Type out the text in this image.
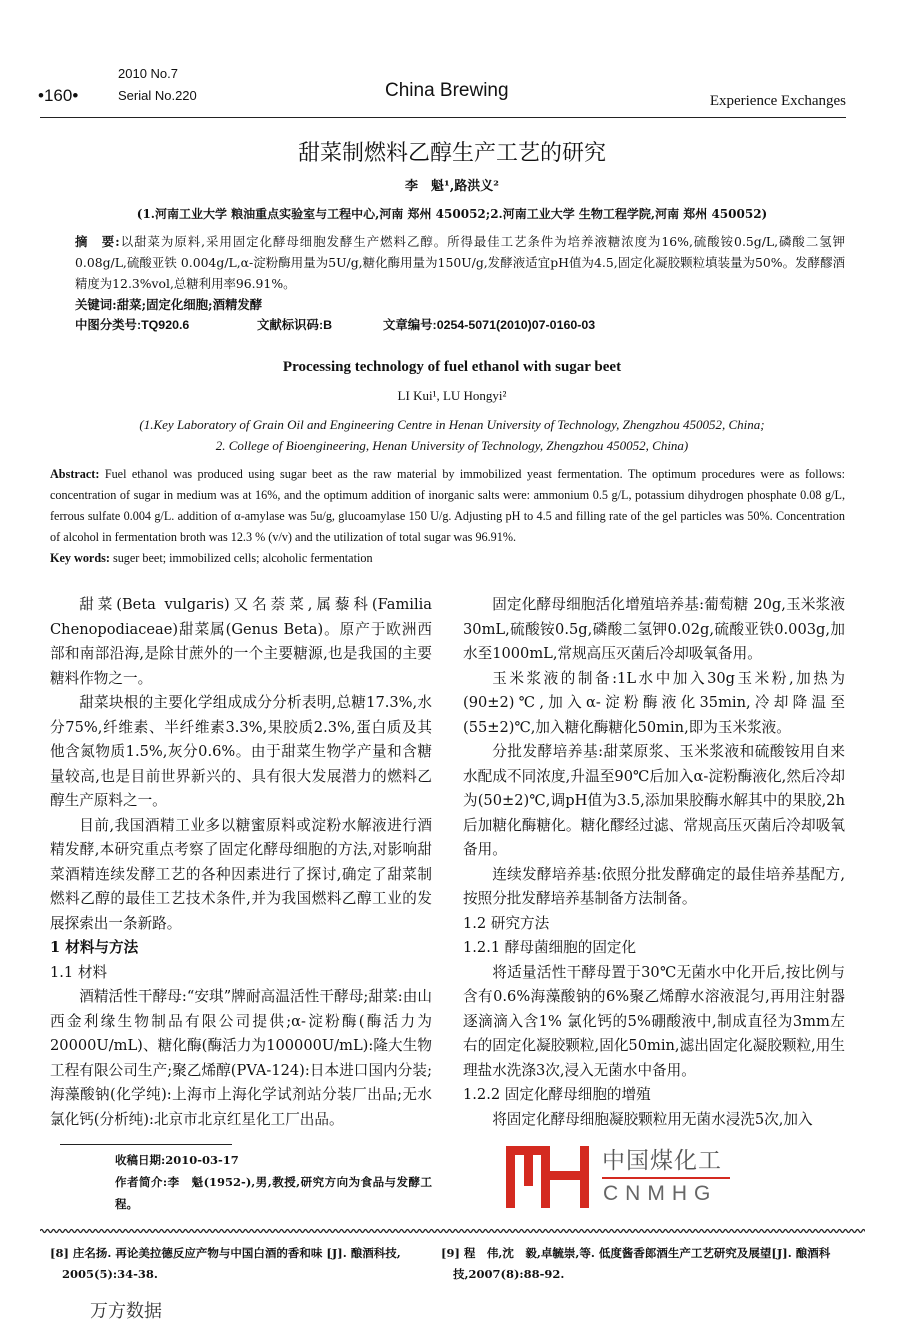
2010 No.7
•160•	Serial No.220	China Brewing	Experience Exchanges
甜菜制燃料乙醇生产工艺的研究
李　魁¹,路洪义²
(1.河南工业大学 粮油重点实验室与工程中心,河南 郑州 450052;2.河南工业大学 生物工程学院,河南 郑州 450052)
摘　要:以甜菜为原料,采用固定化酵母细胞发酵生产燃料乙醇。所得最佳工艺条件为培养液糖浓度为16%,硫酸铵0.5g/L,磷酸二氢钾 0.08g/L,硫酸亚铁 0.004g/L,α-淀粉酶用量为5U/g,糖化酶用量为150U/g,发酵液适宜pH值为4.5,固定化凝胶颗粒填装量为50%。发酵醪酒精度为12.3%vol,总糖利用率96.91%。
关键词:甜菜;固定化细胞;酒精发酵
中图分类号:TQ920.6	文献标识码:B	文章编号:0254-5071(2010)07-0160-03
Processing technology of fuel ethanol with sugar beet
LI Kui¹, LU Hongyi²
(1.Key Laboratory of Grain Oil and Engineering Centre in Henan University of Technology, Zhengzhou 450052, China;
2. College of Bioengineering, Henan University of Technology, Zhengzhou 450052, China)
Abstract: Fuel ethanol was produced using sugar beet as the raw material by immobilized yeast fermentation. The optimum procedures were as follows: concentration of sugar in medium was at 16%, and the optimum addition of inorganic salts were: ammonium 0.5 g/L, potassium dihydrogen phosphate 0.08 g/L, ferrous sulfate 0.004 g/L. addition of α-amylase was 5u/g, glucoamylase 150 U/g. Adjusting pH to 4.5 and filling rate of the gel particles was 50%. Concentration of alcohol in fermentation broth was 12.3 % (v/v) and the utilization of total sugar was 96.91%.
Key words: suger beet; immobilized cells; alcoholic fermentation

甜菜(Beta vulgaris)又名萘菜,属藜科(Familia Chenopodiaceae)甜菜属(Genus Beta)。原产于欧洲西部和南部沿海,是除甘蔗外的一个主要糖源,也是我国的主要糖料作物之一。

甜菜块根的主要化学组成成分分析表明,总糖17.3%,水分75%,纤维素、半纤维素3.3%,果胶质2.3%,蛋白质及其他含氮物质1.5%,灰分0.6%。由于甜菜生物学产量和含糖量较高,也是目前世界新兴的、具有很大发展潜力的燃料乙醇生产原料之一。

目前,我国酒精工业多以糖蜜原料或淀粉水解液进行酒精发酵,本研究重点考察了固定化酵母细胞的方法,对影响甜菜酒精连续发酵工艺的各种因素进行了探讨,确定了甜菜制燃料乙醇的最佳工艺技术条件,并为我国燃料乙醇工业的发展探索出一条新路。

1 材料与方法

1.1 材料

酒精活性干酵母:“安琪”牌耐高温活性干酵母;甜菜:由山西金利缘生物制品有限公司提供;α-淀粉酶(酶活力为20000U/mL)、糖化酶(酶活力为100000U/mL):隆大生物工程有限公司生产;聚乙烯醇(PVA-124):日本进口国内分装;海藻酸钠(化学纯):上海市上海化学试剂站分装厂出品;无水氯化钙(分析纯):北京市北京红星化工厂出品。

收稿日期:2010-03-17
作者简介:李　魁(1952-),男,教授,研究方向为食品与发酵工程。

固定化酵母细胞活化增殖培养基:葡萄糖 20g,玉米浆液30mL,硫酸铵0.5g,磷酸二氢钾0.02g,硫酸亚铁0.003g,加水至1000mL,常规高压灭菌后冷却吸氧备用。

玉米浆液的制备:1L水中加入30g玉米粉,加热为(90±2)℃,加入α-淀粉酶液化35min,冷却降温至(55±2)℃,加入糖化酶糖化50min,即为玉米浆液。

分批发酵培养基:甜菜原浆、玉米浆液和硫酸铵用自来水配成不同浓度,升温至90℃后加入α-淀粉酶液化,然后冷却为(50±2)℃,调pH值为3.5,添加果胶酶水解其中的果胶,2h后加糖化酶糖化。糖化醪经过滤、常规高压灭菌后冷却吸氧备用。

连续发酵培养基:依照分批发酵确定的最佳培养基配方,按照分批发酵培养基制备方法制备。

1.2 研究方法

1.2.1 酵母菌细胞的固定化

将适量活性干酵母置于30℃无菌水中化开后,按比例与含有0.6%海藻酸钠的6%聚乙烯醇水溶液混匀,再用注射器逐滴滴入含1% 氯化钙的5%硼酸液中,制成直径为3mm左右的固定化凝胶颗粒,固化50min,滤出固定化凝胶颗粒,用生理盐水洗涤3次,浸入无菌水中备用。

1.2.2 固定化酵母细胞的增殖

将固定化酵母细胞凝胶颗粒用无菌水浸洗5次,加入

中国煤化工
CNMHG
[8] 庄名扬. 再论美拉德反应产物与中国白酒的香和味 [J]. 酿酒科技, 2005(5):34-38.
[9] 程　伟,沈　毅,卓毓崇,等. 低度酱香郎酒生产工艺研究及展望[J]. 酿酒科技,2007(8):88-92.
万方数据
